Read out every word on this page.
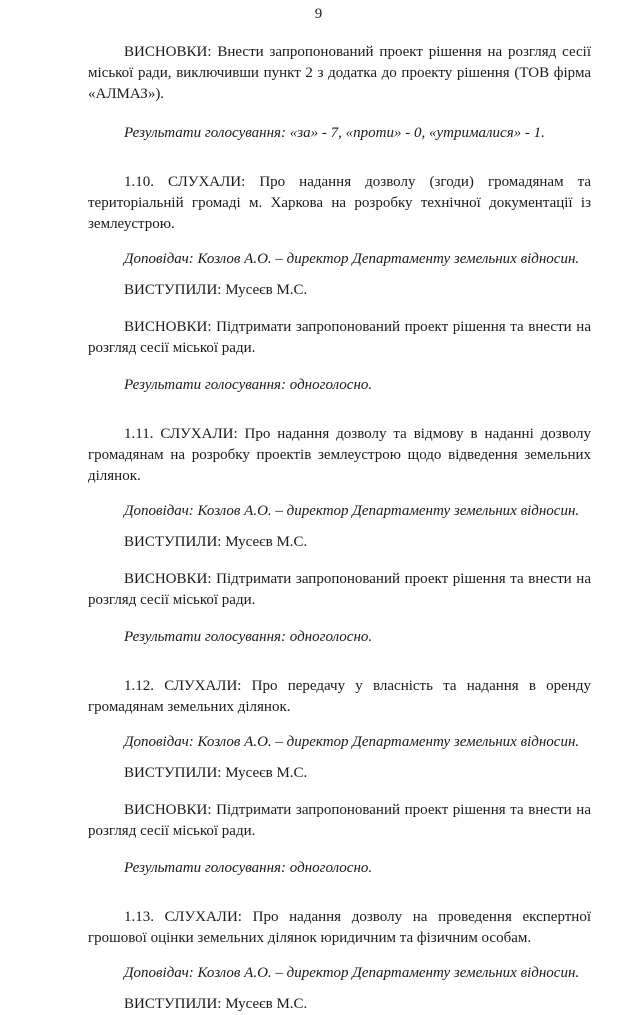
9

ВИСНОВКИ: Внести запропонований проект рішення на розгляд сесії міської ради, виключивши пункт 2 з додатка до проекту рішення (ТОВ фірма «АЛМАЗ»).

Результати голосування: «за» - 7, «проти» - 0, «утрималися» - 1.

1.10. СЛУХАЛИ: Про надання дозволу (згоди) громадянам та територіальній громаді м. Харкова на розробку технічної документації із землеустрою.

Доповідач: Козлов А.О. – директор Департаменту земельних відносин.

ВИСТУПИЛИ: Мусеєв М.С.

ВИСНОВКИ: Підтримати запропонований проект рішення та внести на розгляд сесії міської ради.

Результати голосування: одноголосно.

1.11. СЛУХАЛИ: Про надання дозволу та відмову в наданні дозволу громадянам на розробку проектів землеустрою щодо відведення земельних ділянок.

Доповідач: Козлов А.О. – директор Департаменту земельних відносин.

ВИСТУПИЛИ: Мусеєв М.С.

ВИСНОВКИ: Підтримати запропонований проект рішення та внести на розгляд сесії міської ради.

Результати голосування: одноголосно.

1.12. СЛУХАЛИ: Про передачу у власність та надання в оренду громадянам земельних ділянок.

Доповідач: Козлов А.О. – директор Департаменту земельних відносин.

ВИСТУПИЛИ: Мусеєв М.С.

ВИСНОВКИ: Підтримати запропонований проект рішення та внести на розгляд сесії міської ради.

Результати голосування: одноголосно.

1.13. СЛУХАЛИ: Про надання дозволу на проведення експертної грошової оцінки земельних ділянок юридичним та фізичним особам.

Доповідач: Козлов А.О. – директор Департаменту земельних відносин.

ВИСТУПИЛИ: Мусеєв М.С.
